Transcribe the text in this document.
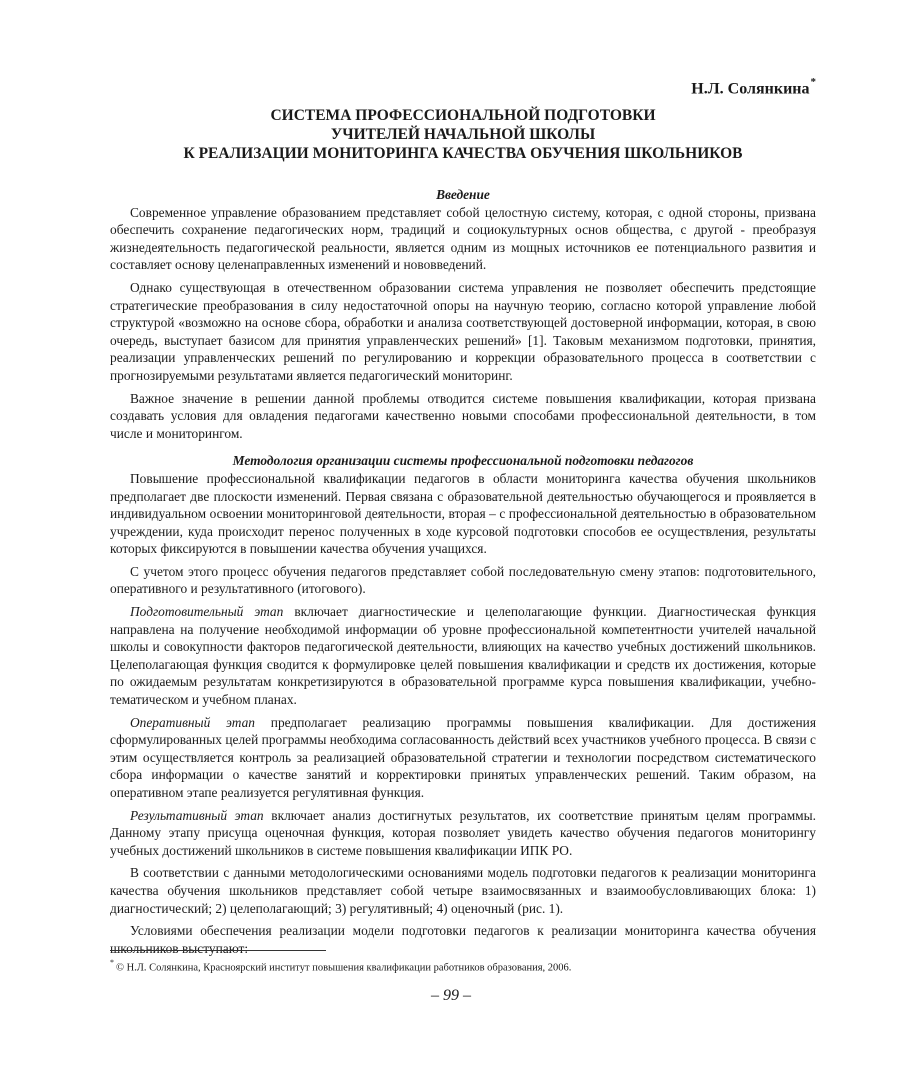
Н.Л. Солянкина*
СИСТЕМА ПРОФЕССИОНАЛЬНОЙ ПОДГОТОВКИ
УЧИТЕЛЕЙ НАЧАЛЬНОЙ ШКОЛЫ
К РЕАЛИЗАЦИИ МОНИТОРИНГА КАЧЕСТВА ОБУЧЕНИЯ ШКОЛЬНИКОВ
Введение

Современное управление образованием представляет собой целостную систему, которая, с одной стороны, призвана обеспечить сохранение педагогических норм, традиций и социокультурных основ общества, с другой - преобразуя жизнедеятельность педагогической реальности, является одним из мощных источников ее потенциального развития и составляет основу целенаправленных изменений и нововведений.

Однако существующая в отечественном образовании система управления не позволяет обеспечить предстоящие стратегические преобразования в силу недостаточной опоры на научную теорию, согласно которой управление любой структурой «возможно на основе сбора, обработки и анализа соответствующей достоверной информации, которая, в свою очередь, выступает базисом для принятия управленческих решений» [1]. Таковым механизмом подготовки, принятия, реализации управленческих решений по регулированию и коррекции образовательного процесса в соответствии с прогнозируемыми результатами является педагогический мониторинг.

Важное значение в решении данной проблемы отводится системе повышения квалификации, которая призвана создавать условия для овладения педагогами качественно новыми способами профессиональной деятельности, в том числе и мониторингом.

Методология организации системы профессиональной подготовки педагогов

Повышение профессиональной квалификации педагогов в области мониторинга качества обучения школьников предполагает две плоскости изменений. Первая связана с образовательной деятельностью обучающегося и проявляется в индивидуальном освоении мониторинговой деятельности, вторая – с профессиональной деятельностью в образовательном учреждении, куда происходит перенос полученных в ходе курсовой подготовки способов ее осуществления, результаты которых фиксируются в повышении качества обучения учащихся.

С учетом этого процесс обучения педагогов представляет собой последовательную смену этапов: подготовительного, оперативного и результативного (итогового).

Подготовительный этап включает диагностические и целеполагающие функции. Диагностическая функция направлена на получение необходимой информации об уровне профессиональной компетентности учителей начальной школы и совокупности факторов педагогической деятельности, влияющих на качество учебных достижений школьников. Целеполагающая функция сводится к формулировке целей повышения квалификации и средств их достижения, которые по ожидаемым результатам конкретизируются в образовательной программе курса повышения квалификации, учебно-тематическом и учебном планах.

Оперативный этап предполагает реализацию программы повышения квалификации. Для достижения сформулированных целей программы необходима согласованность действий всех участников учебного процесса. В связи с этим осуществляется контроль за реализацией образовательной стратегии и технологии посредством систематического сбора информации о качестве занятий и корректировки принятых управленческих решений. Таким образом, на оперативном этапе реализуется регулятивная функция.

Результативный этап включает анализ достигнутых результатов, их соответствие принятым целям программы. Данному этапу присуща оценочная функция, которая позволяет увидеть качество обучения педагогов мониторингу учебных достижений школьников в системе повышения квалификации ИПК РО.

В соответствии с данными методологическими основаниями модель подготовки педагогов к реализации мониторинга качества обучения школьников представляет собой четыре взаимосвязанных и взаимообусловливающих блока: 1) диагностический; 2) целеполагающий; 3) регулятивный; 4) оценочный (рис. 1).

Условиями обеспечения реализации модели подготовки педагогов к реализации мониторинга качества обучения школьников выступают:

* © Н.Л. Солянкина, Красноярский институт повышения квалификации работников образования, 2006.
– 99 –
